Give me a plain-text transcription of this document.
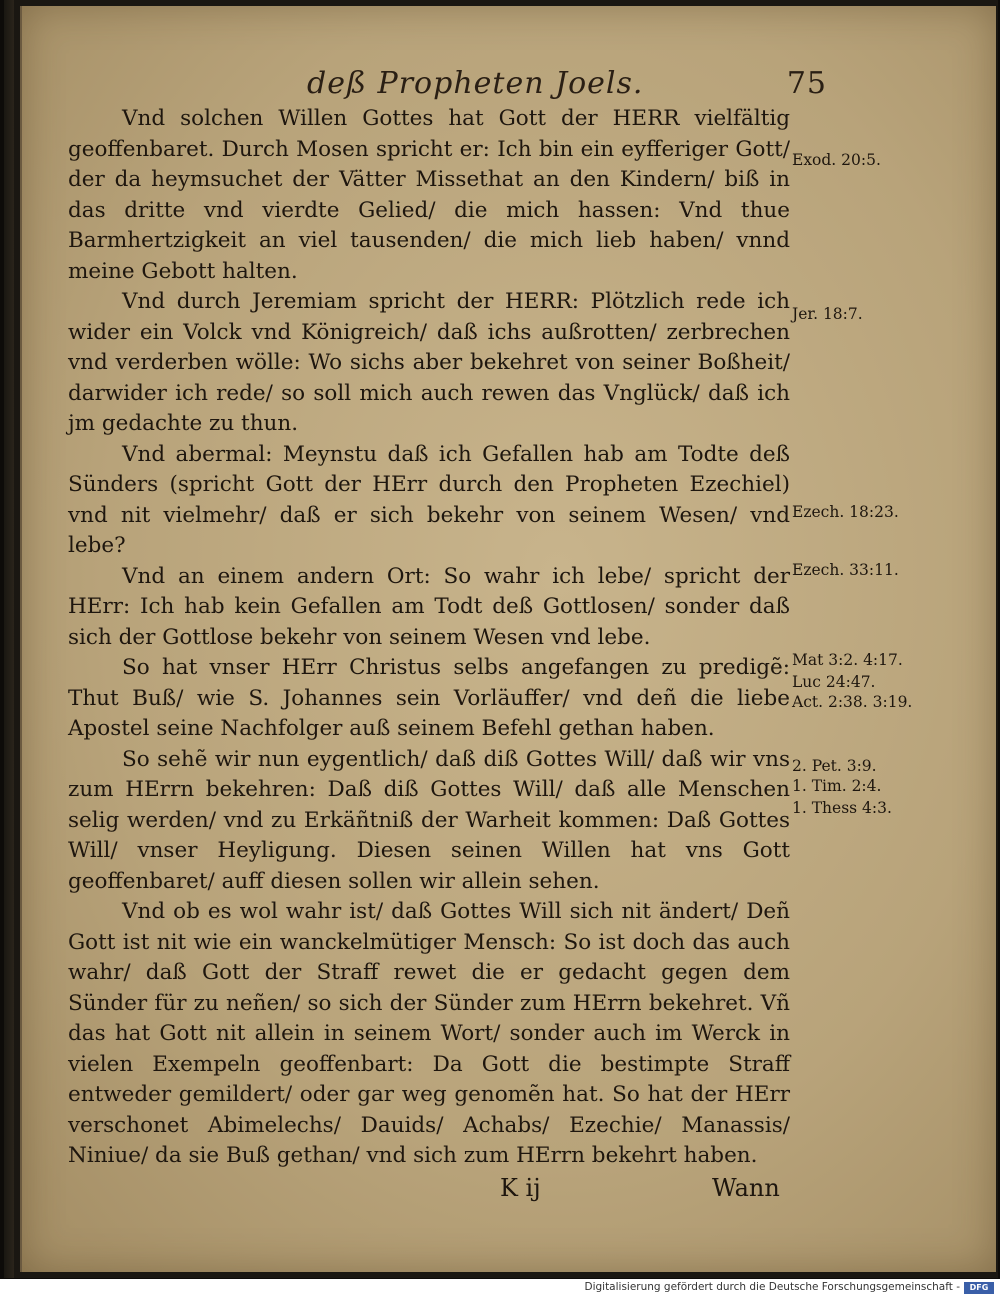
deß Propheten Joels.	75

Vnd solchen Willen Gottes hat Gott der HERR vielfältig geoffenbaret. Durch Mosen spricht er: Ich bin ein eyfferiger Gott/ der da heymsuchet der Vätter Missethat an den Kindern/ biß in das dritte vnd vierdte Gelied/ die mich hassen: Vnd thue Barmhertzigkeit an viel tausenden/ die mich lieb haben/ vnnd meine Gebott halten.

Vnd durch Jeremiam spricht der HERR: Plötzlich rede ich wider ein Volck vnd Königreich/ daß ichs außrotten/ zerbrechen vnd verderben wölle: Wo sichs aber bekehret von seiner Boßheit/ darwider ich rede/ so soll mich auch rewen das Vnglück/ daß ich jm gedachte zu thun.

Vnd abermal: Meynstu daß ich Gefallen hab am Todte deß Sünders (spricht Gott der HErr durch den Propheten Ezechiel) vnd nit vielmehr/ daß er sich bekehr von seinem Wesen/ vnd lebe?

Vnd an einem andern Ort: So wahr ich lebe/ spricht der HErr: Ich hab kein Gefallen am Todt deß Gottlosen/ sonder daß sich der Gottlose bekehr von seinem Wesen vnd lebe.

So hat vnser HErr Christus selbs angefangen zu predigẽ: Thut Buß/ wie S. Johannes sein Vorläuffer/ vnd deñ die liebe Apostel seine Nachfolger auß seinem Befehl gethan haben.

So sehẽ wir nun eygentlich/ daß diß Gottes Will/ daß wir vns zum HErrn bekehren: Daß diß Gottes Will/ daß alle Menschen selig werden/ vnd zu Erkäñtniß der Warheit kommen: Daß Gottes Will/ vnser Heyligung. Diesen seinen Willen hat vns Gott geoffenbaret/ auff diesen sollen wir allein sehen.

Vnd ob es wol wahr ist/ daß Gottes Will sich nit ändert/ Deñ Gott ist nit wie ein wanckelmütiger Mensch: So ist doch das auch wahr/ daß Gott der Straff rewet die er gedacht gegen dem Sünder für zu neñen/ so sich der Sünder zum HErrn bekehret. Vñ das hat Gott nit allein in seinem Wort/ sonder auch im Werck in vielen Exempeln geoffenbart: Da Gott die bestimpte Straff entweder gemildert/ oder gar weg genomẽn hat. So hat der HErr verschonet Abimelechs/ Dauids/ Achabs/ Ezechie/ Manassis/ Niniue/ da sie Buß gethan/ vnd sich zum HErrn bekehrt haben.

Exod. 20:5.
Jer. 18:7.
Ezech. 18:23.
Ezech. 33:11.
Mat 3:2. 4:17.
Luc 24:47.
Act. 2:38. 3:19.
2. Pet. 3:9.
1. Tim. 2:4.
1. Thess 4:3.
K ij	Wann
Digitalisierung gefördert durch die Deutsche Forschungsgemeinschaft -	DFG
